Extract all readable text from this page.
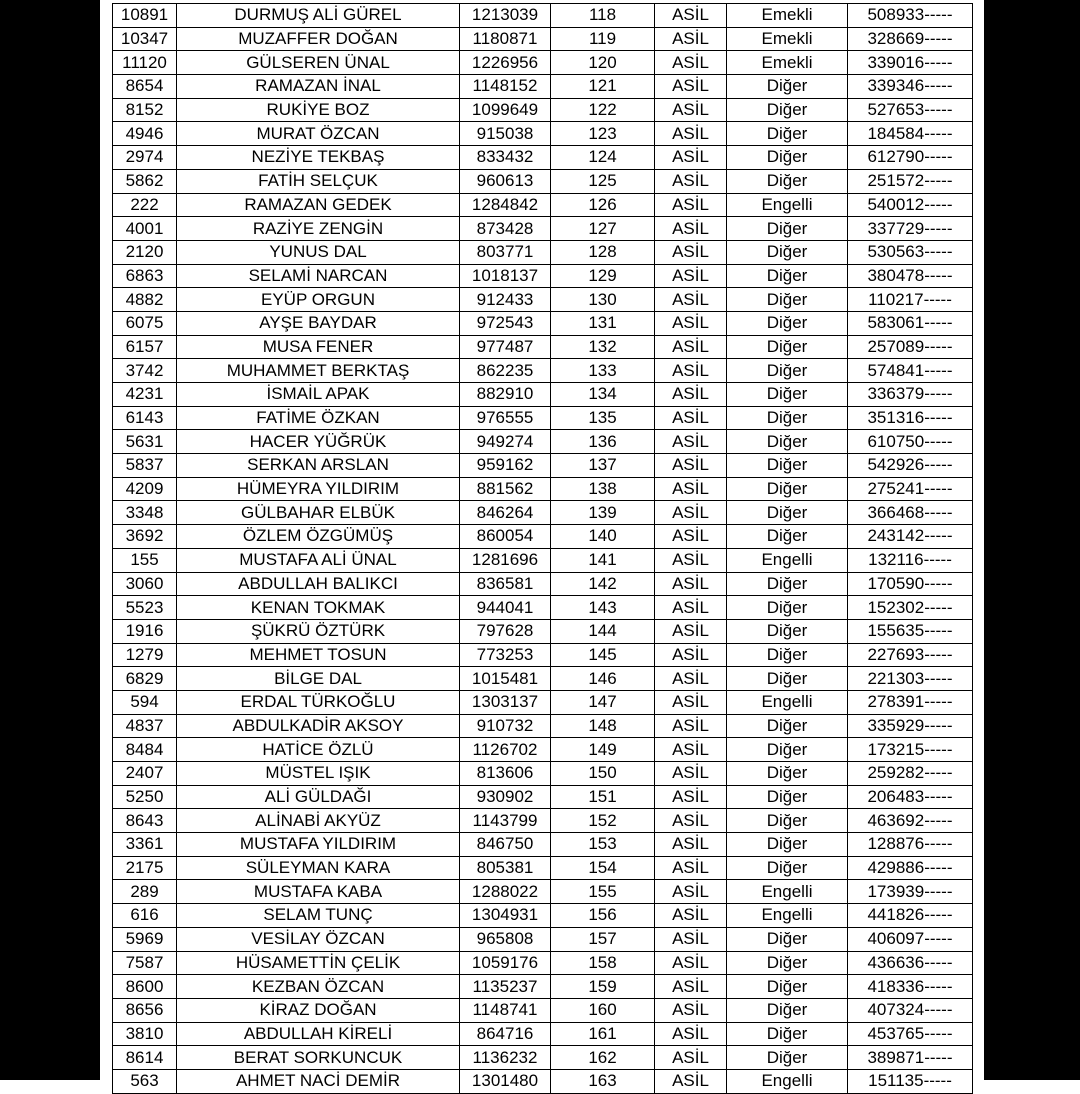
10891	DURMUŞ ALİ GÜREL	1213039	118	ASİL	Emekli	508933-----
10347	MUZAFFER DOĞAN	1180871	119	ASİL	Emekli	328669-----
11120	GÜLSEREN ÜNAL	1226956	120	ASİL	Emekli	339016-----
8654	RAMAZAN İNAL	1148152	121	ASİL	Diğer	339346-----
8152	RUKİYE BOZ	1099649	122	ASİL	Diğer	527653-----
4946	MURAT ÖZCAN	915038	123	ASİL	Diğer	184584-----
2974	NEZİYE TEKBAŞ	833432	124	ASİL	Diğer	612790-----
5862	FATİH SELÇUK	960613	125	ASİL	Diğer	251572-----
222	RAMAZAN GEDEK	1284842	126	ASİL	Engelli	540012-----
4001	RAZİYE ZENGİN	873428	127	ASİL	Diğer	337729-----
2120	YUNUS DAL	803771	128	ASİL	Diğer	530563-----
6863	SELAMİ NARCAN	1018137	129	ASİL	Diğer	380478-----
4882	EYÜP ORGUN	912433	130	ASİL	Diğer	110217-----
6075	AYŞE BAYDAR	972543	131	ASİL	Diğer	583061-----
6157	MUSA FENER	977487	132	ASİL	Diğer	257089-----
3742	MUHAMMET BERKTAŞ	862235	133	ASİL	Diğer	574841-----
4231	İSMAİL APAK	882910	134	ASİL	Diğer	336379-----
6143	FATİME ÖZKAN	976555	135	ASİL	Diğer	351316-----
5631	HACER YÜĞRÜK	949274	136	ASİL	Diğer	610750-----
5837	SERKAN ARSLAN	959162	137	ASİL	Diğer	542926-----
4209	HÜMEYRA YILDIRIM	881562	138	ASİL	Diğer	275241-----
3348	GÜLBAHAR ELBÜK	846264	139	ASİL	Diğer	366468-----
3692	ÖZLEM ÖZGÜMÜŞ	860054	140	ASİL	Diğer	243142-----
155	MUSTAFA ALİ ÜNAL	1281696	141	ASİL	Engelli	132116-----
3060	ABDULLAH BALIKCI	836581	142	ASİL	Diğer	170590-----
5523	KENAN TOKMAK	944041	143	ASİL	Diğer	152302-----
1916	ŞÜKRÜ ÖZTÜRK	797628	144	ASİL	Diğer	155635-----
1279	MEHMET TOSUN	773253	145	ASİL	Diğer	227693-----
6829	BİLGE DAL	1015481	146	ASİL	Diğer	221303-----
594	ERDAL TÜRKOĞLU	1303137	147	ASİL	Engelli	278391-----
4837	ABDULKADİR AKSOY	910732	148	ASİL	Diğer	335929-----
8484	HATİCE ÖZLÜ	1126702	149	ASİL	Diğer	173215-----
2407	MÜSTEL IŞIK	813606	150	ASİL	Diğer	259282-----
5250	ALİ GÜLDAĞI	930902	151	ASİL	Diğer	206483-----
8643	ALİNABİ AKYÜZ	1143799	152	ASİL	Diğer	463692-----
3361	MUSTAFA YILDIRIM	846750	153	ASİL	Diğer	128876-----
2175	SÜLEYMAN KARA	805381	154	ASİL	Diğer	429886-----
289	MUSTAFA KABA	1288022	155	ASİL	Engelli	173939-----
616	SELAM TUNÇ	1304931	156	ASİL	Engelli	441826-----
5969	VESİLAY ÖZCAN	965808	157	ASİL	Diğer	406097-----
7587	HÜSAMETTİN ÇELİK	1059176	158	ASİL	Diğer	436636-----
8600	KEZBAN ÖZCAN	1135237	159	ASİL	Diğer	418336-----
8656	KİRAZ DOĞAN	1148741	160	ASİL	Diğer	407324-----
3810	ABDULLAH KİRELİ	864716	161	ASİL	Diğer	453765-----
8614	BERAT SORKUNCUK	1136232	162	ASİL	Diğer	389871-----
563	AHMET NACİ DEMİR	1301480	163	ASİL	Engelli	151135-----
